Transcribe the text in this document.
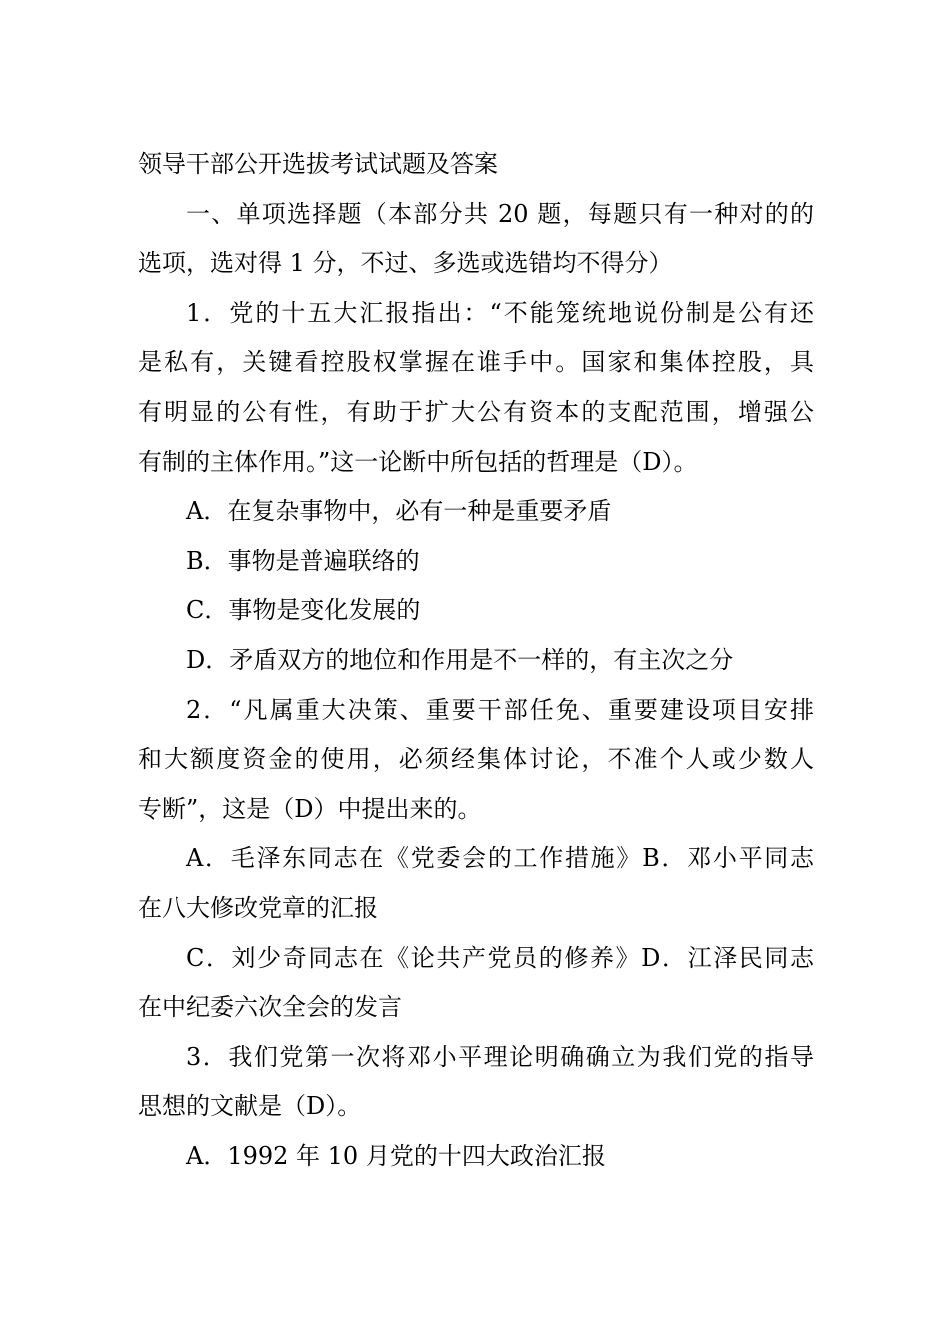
领导干部公开选拔考试试题及答案
一、单项选择题（本部分共 20 题，每题只有一种对的的
选项，选对得 1 分，不过、多选或选错均不得分）
1．党的十五大汇报指出：“不能笼统地说份制是公有还
是私有，关键看控股权掌握在谁手中。国家和集体控股，具
有明显的公有性，有助于扩大公有资本的支配范围，增强公
有制的主体作用。”这一论断中所包括的哲理是（D）。
A．在复杂事物中，必有一种是重要矛盾
B．事物是普遍联络的
C．事物是变化发展的
D．矛盾双方的地位和作用是不一样的，有主次之分
2．“凡属重大决策、重要干部任免、重要建设项目安排
和大额度资金的使用，必须经集体讨论，不准个人或少数人
专断”，这是（D）中提出来的。
A．毛泽东同志在《党委会的工作措施》B．邓小平同志
在八大修改党章的汇报
C．刘少奇同志在《论共产党员的修养》D．江泽民同志
在中纪委六次全会的发言
3．我们党第一次将邓小平理论明确确立为我们党的指导
思想的文献是（D）。
A．1992 年 10 月党的十四大政治汇报
